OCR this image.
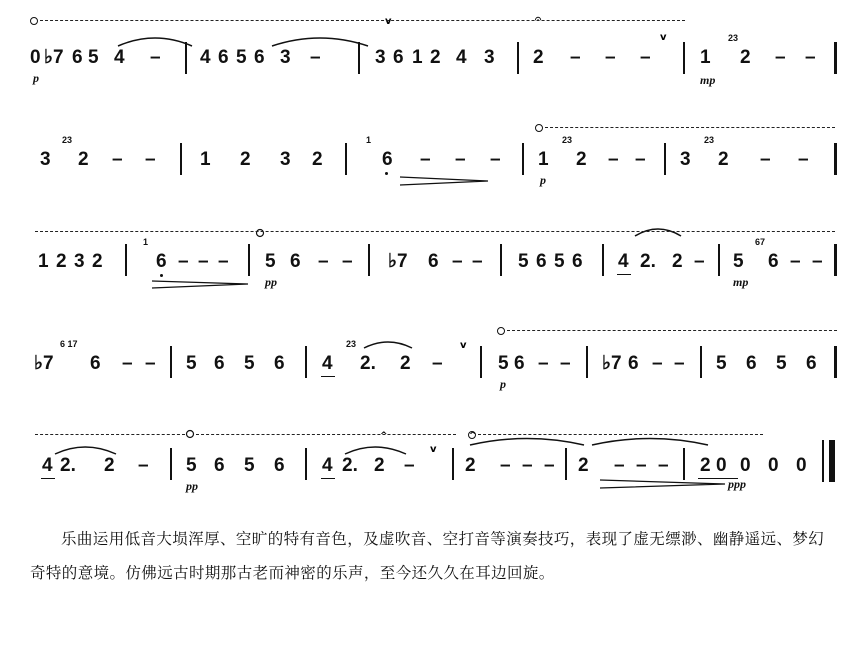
𝄐
v
v
v
v
^	^
0 ♭7 6 5 4 – 4 6 5 6 3 –	3 6 1 2 4 3 2 – – –	1
23
2 – –
p	mp
3
23
2 – – 1 2 3 2
1
6 – – – 1
23
2 – – 3
23
2 – –
p
1 2 3 2
1
6 – – – 5 6 – – ♭7 6 – – 5 6 5 6 4 2. 2 – 5
67
6 – –
pp	mp
♭7
6 17
6 – – 5 6 5 6 4
23
2. 2 –	5 6 – – ♭7 6 – – 5 6 5 6
p
4 2. 2 – 5 6 5 6 4 2. 2 –	2 – – – 2 – – – 2 0 0 0 0
pp	ppp

乐曲运用低音大埙浑厚、空旷的特有音色，及虚吹音、空打音等演奏技巧，表现了虚无缥渺、幽静遥远、梦幻奇特的意境。仿佛远古时期那古老而神密的乐声，至今还久久在耳边回旋。
